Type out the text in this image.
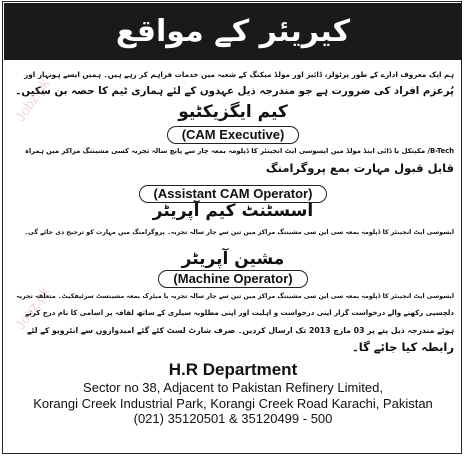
کیریئر کے مواقع
Jobz.pk
Jobz.pk

ہم ایک معروف ادارے کے طور پرٹولز، ڈائیز اور مولڈ میکنگ کے شعبہ میں خدمات فراہم کر رہے ہیں۔ ہمیں ایسے ہونہار اور

پُرعزم افراد کی ضرورت ہے جو مندرجہ ذیل عہدوں کے لئے ہماری ٹیم کا حصہ بن سکیں۔

کیم ایگزیکٹیو
(CAM Executive)

B-Tech/ مکینکل یا ڈائی اینڈ مولڈ میں ایسوسی ایٹ انجینئر کا ڈپلومہ بمعہ چار سے پانچ سالہ تجربہ کسی مشیننگ مراکز میں ہمراہ

قابل قبول مہارت بمع پروگرامنگ

(Assistant CAM Operator)
اسسٹنٹ کیم آپریٹر

ایسوسی ایٹ انجینئر کا ڈپلومہ بمعہ سی این سی مشیننگ مراکز میں تین سے چار سالہ تجربہ۔ پروگرامنگ میں مہارت کو ترجیح دی جائے گی۔

مشین آپریٹر
(Machine Operator)

ایسوسی ایٹ انجینئر کا ڈپلومہ بمعہ سی این سی مشیننگ مراکز میں تین سے چار سالہ تجربہ یا میٹرک بمعہ مشینسٹ سرٹیفکیٹ۔ متعلقہ تجربہ

دلچسپی رکھنے والے درخواست گزار اپنی درخواست و اہلیت اور اپنی مطلوبہ سیلری کے ساتھ لفافہ پر اسامی کا نام درج کرتے

ہوئے مندرجہ ذیل پتے پر 03 مارچ 2013 تک ارسال کردیں۔ صرف شارٹ لسٹ کئے گئے امیدواروں سے انٹرویو کے لئے

رابطہ کیا جائے گا۔

H.R Department
Sector no 38, Adjacent to Pakistan Refinery Limited,
Korangi Creek Industrial Park, Korangi Creek Road Karachi, Pakistan
(021) 35120501 & 35120499 - 500
